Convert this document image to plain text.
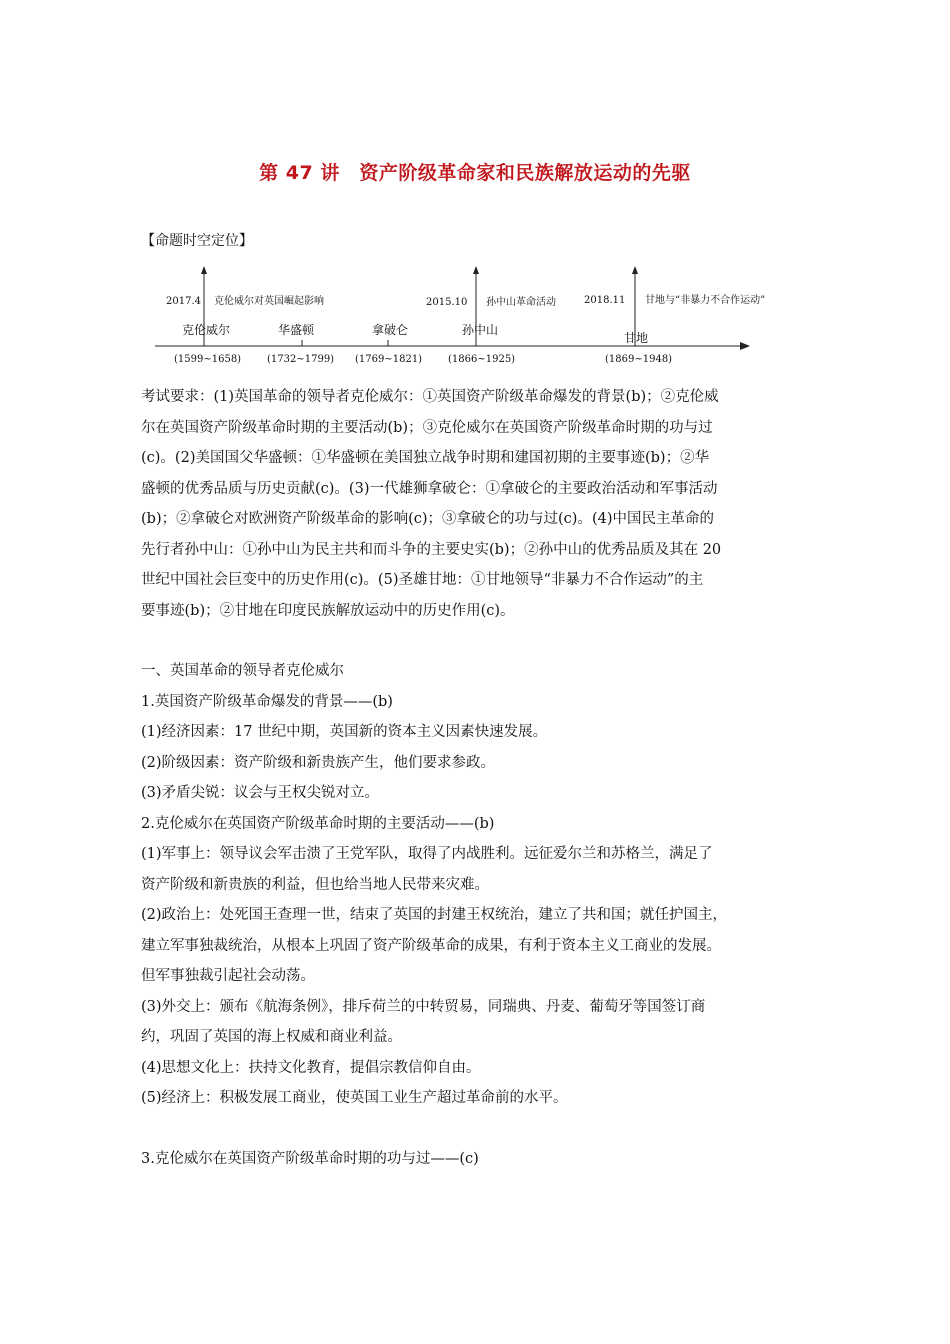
第 47 讲　资产阶级革命家和民族解放运动的先驱
【命题时空定位】
2017.4 克伦威尔对英国崛起影响	2015.10 孙中山革命活动	2018.11 甘地与“非暴力不合作运动”
克伦威尔	华盛顿	拿破仑	孙中山
甘地
(1599~1658)	(1732~1799) (1769~1821)	(1866~1925)	(1869~1948)

考试要求：(1)英国革命的领导者克伦威尔：①英国资产阶级革命爆发的背景(b)；②克伦威

尔在英国资产阶级革命时期的主要活动(b)；③克伦威尔在英国资产阶级革命时期的功与过

(c)。(2)美国国父华盛顿：①华盛顿在美国独立战争时期和建国初期的主要事迹(b)；②华

盛顿的优秀品质与历史贡献(c)。(3)一代雄狮拿破仑：①拿破仑的主要政治活动和军事活动

(b)；②拿破仑对欧洲资产阶级革命的影响(c)；③拿破仑的功与过(c)。(4)中国民主革命的

先行者孙中山：①孙中山为民主共和而斗争的主要史实(b)；②孙中山的优秀品质及其在 20

世纪中国社会巨变中的历史作用(c)。(5)圣雄甘地：①甘地领导“非暴力不合作运动”的主

要事迹(b)；②甘地在印度民族解放运动中的历史作用(c)。

一、英国革命的领导者克伦威尔

1.英国资产阶级革命爆发的背景——(b)

(1)经济因素：17 世纪中期，英国新的资本主义因素快速发展。

(2)阶级因素：资产阶级和新贵族产生，他们要求参政。

(3)矛盾尖锐：议会与王权尖锐对立。

2.克伦威尔在英国资产阶级革命时期的主要活动——(b)

(1)军事上：领导议会军击溃了王党军队，取得了内战胜利。远征爱尔兰和苏格兰，满足了

资产阶级和新贵族的利益，但也给当地人民带来灾难。

(2)政治上：处死国王查理一世，结束了英国的封建王权统治，建立了共和国；就任护国主，

建立军事独裁统治，从根本上巩固了资产阶级革命的成果，有利于资本主义工商业的发展。

但军事独裁引起社会动荡。

(3)外交上：颁布《航海条例》，排斥荷兰的中转贸易，同瑞典、丹麦、葡萄牙等国签订商

约，巩固了英国的海上权威和商业利益。

(4)思想文化上：扶持文化教育，提倡宗教信仰自由。

(5)经济上：积极发展工商业，使英国工业生产超过革命前的水平。

3.克伦威尔在英国资产阶级革命时期的功与过——(c)
